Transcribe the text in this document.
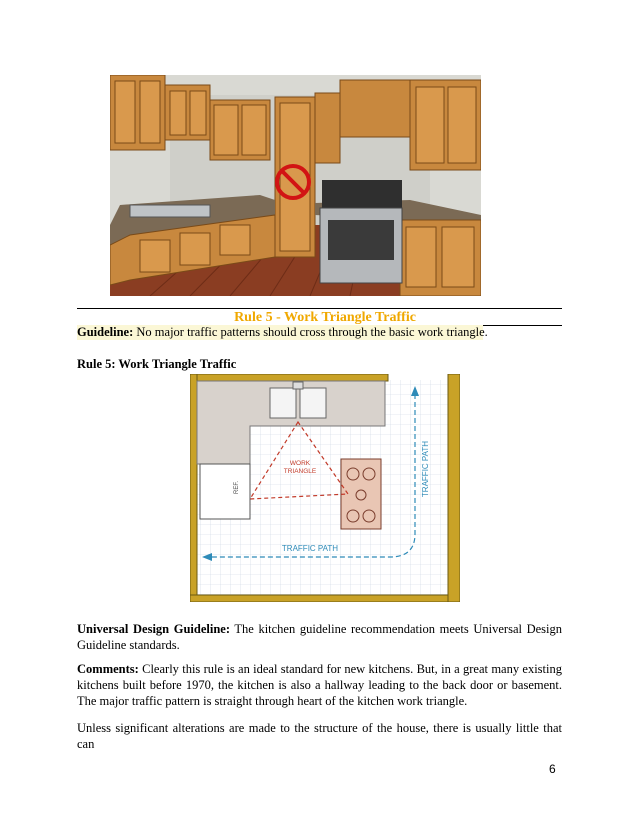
Rule 5 - Work Triangle Traffic
Guideline: No major traffic patterns should cross through the basic work triangle.
Rule 5: Work Triangle Traffic
REF.
WORK
TRIANGLE
TRAFFIC PATH
TRAFFIC PATH
Universal Design Guideline: The kitchen guideline recommendation meets Universal Design Guideline standards.
Comments: Clearly this rule is an ideal standard for new kitchens. But, in a great many existing kitchens built before 1970, the kitchen is also a hallway leading to the back door or basement. The major traffic pattern is straight through heart of the kitchen work triangle.
Unless significant alterations are made to the structure of the house, there is usually little that can
6
